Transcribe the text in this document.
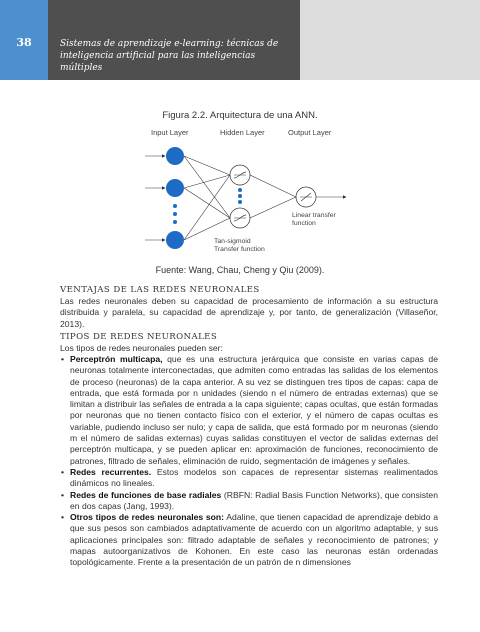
38	Sistemas de aprendizaje e-learning: técnicas de inteligencia artificial para las inteligencias múltiples
Figura 2.2. Arquitectura de una ANN.
Input Layer	Hidden Layer	Output Layer
Linear transfer
function
Tan-sigmoid
Transfer function
Fuente: Wang, Chau, Cheng y Qiu (2009).
VENTAJAS DE LAS REDES NEURONALES
Las redes neuronales deben su capacidad de procesamiento de información a su estructura distribuida y paralela, su capacidad de aprendizaje y, por tanto, de generalización (Villaseñor, 2013).
TIPOS DE REDES NEURONALES
Los tipos de redes neuronales pueden ser:
• Perceptrón multicapa, que es una estructura jerárquica que consiste en varias capas de neuronas totalmente interconectadas, que admiten como entradas las salidas de los elementos de proceso (neuronas) de la capa anterior. A su vez se distinguen tres tipos de capas: capa de entrada, que está formada por n unidades (siendo n el número de entradas externas) que se limitan a distribuir las señales de entrada a la capa siguiente; capas ocultas, que están formadas por neuronas que no tienen contacto físico con el exterior, y el número de capas ocultas es variable, pudiendo incluso ser nulo; y capa de salida, que está formado por m neuronas (siendo m el número de salidas externas) cuyas salidas constituyen el vector de salidas externas del perceptrón multicapa, y se pueden aplicar en: aproximación de funciones, reconocimiento de patrones, filtrado de señales, eliminación de ruido, segmentación de imágenes y señales.
• Redes recurrentes. Estos modelos son capaces de representar sistemas realimentados dinámicos no lineales.
• Redes de funciones de base radiales (RBFN: Radial Basis Function Networks), que consisten en dos capas (Jang, 1993).
• Otros tipos de redes neuronales son: Adaline, que tienen capacidad de aprendizaje debido a que sus pesos son cambiados adaptativamente de acuerdo con un algoritmo adaptable, y sus aplicaciones principales son: filtrado adaptable de señales y reconocimiento de patrones; y mapas autoorganizativos de Kohonen. En este caso las neuronas están ordenadas topológicamente. Frente a la presentación de un patrón de n dimensiones
